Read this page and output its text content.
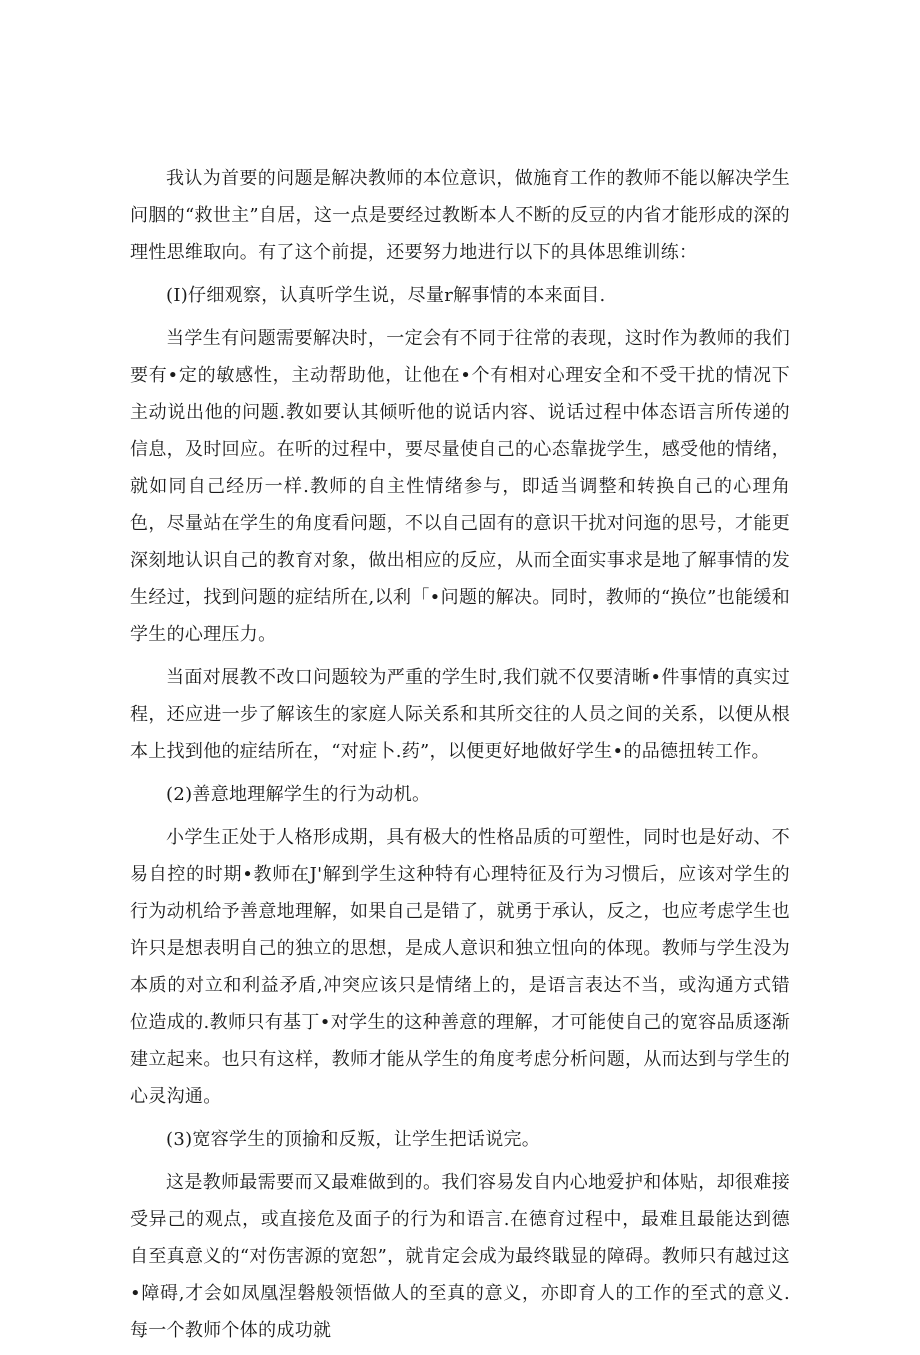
我认为首要的问题是解决教师的本位意识，做施育工作的教师不能以解决学生问胭的“救世主”自居，这一点是要经过教断本人不断的反豆的内省才能形成的深的理性思维取向。有了这个前提，还要努力地进行以下的具体思维训练：

(I)仔细观察，认真听学生说，尽量r解事情的本来面目.

当学生有问题需要解决时，一定会有不同于往常的表现，这时作为教师的我们要有•定的敏感性，主动帮助他，让他在•个有相对心理安全和不受干扰的情况下主动说出他的问题.教如要认其倾听他的说话内容、说话过程中体态语言所传递的信息，及时回应。在听的过程中，要尽量使自己的心态靠拢学生，感受他的情绪，就如同自己经历一样.教师的自主性情绪参与，即适当调整和转换自己的心理角色，尽量站在学生的角度看问题，不以自己固有的意识干扰对问迤的思号，才能更深刻地认识自己的教育对象，做出相应的反应，从而全面实事求是地了解事情的发生经过，找到问题的症结所在,以利「•问题的解决。同时，教师的“换位”也能缓和学生的心理压力。

当面对展教不改口问题较为严重的学生时,我们就不仅要清晰•件事情的真实过程，还应进一步了解该生的家庭人际关系和其所交往的人员之间的关系，以便从根本上找到他的症结所在，“对症卜.药”，以便更好地做好学生•的品德扭转工作。

(2)善意地理解学生的行为动机。

小学生正处于人格形成期，具有极大的性格品质的可塑性，同时也是好动、不易自控的时期•教师在J'解到学生这种特有心理特征及行为习惯后，应该对学生的行为动机给予善意地理解，如果自己是错了，就勇于承认，反之，也应考虑学生也许只是想表明自己的独立的思想，是成人意识和独立忸向的体现。教师与学生没为本质的对立和利益矛盾,冲突应该只是情绪上的，是语言表达不当，或沟通方式错位造成的.教师只有基丁•对学生的这种善意的理解，才可能使自己的宽容品质逐渐建立起来。也只有这样，教师才能从学生的角度考虑分析问题，从而达到与学生的心灵沟通。

(3)宽容学生的顶揄和反叛，让学生把话说完。

这是教师最需要而又最难做到的。我们容易发自内心地爱护和体贴，却很难接受异己的观点，或直接危及面子的行为和语言.在德育过程中，最难且最能达到德自至真意义的“对伤害源的宽恕”，就肯定会成为最终戢显的障碍。教师只有越过这•障碍,才会如凤凰涅磐般领悟做人的至真的意义，亦即育人的工作的至式的意义.每一个教师个体的成功就
